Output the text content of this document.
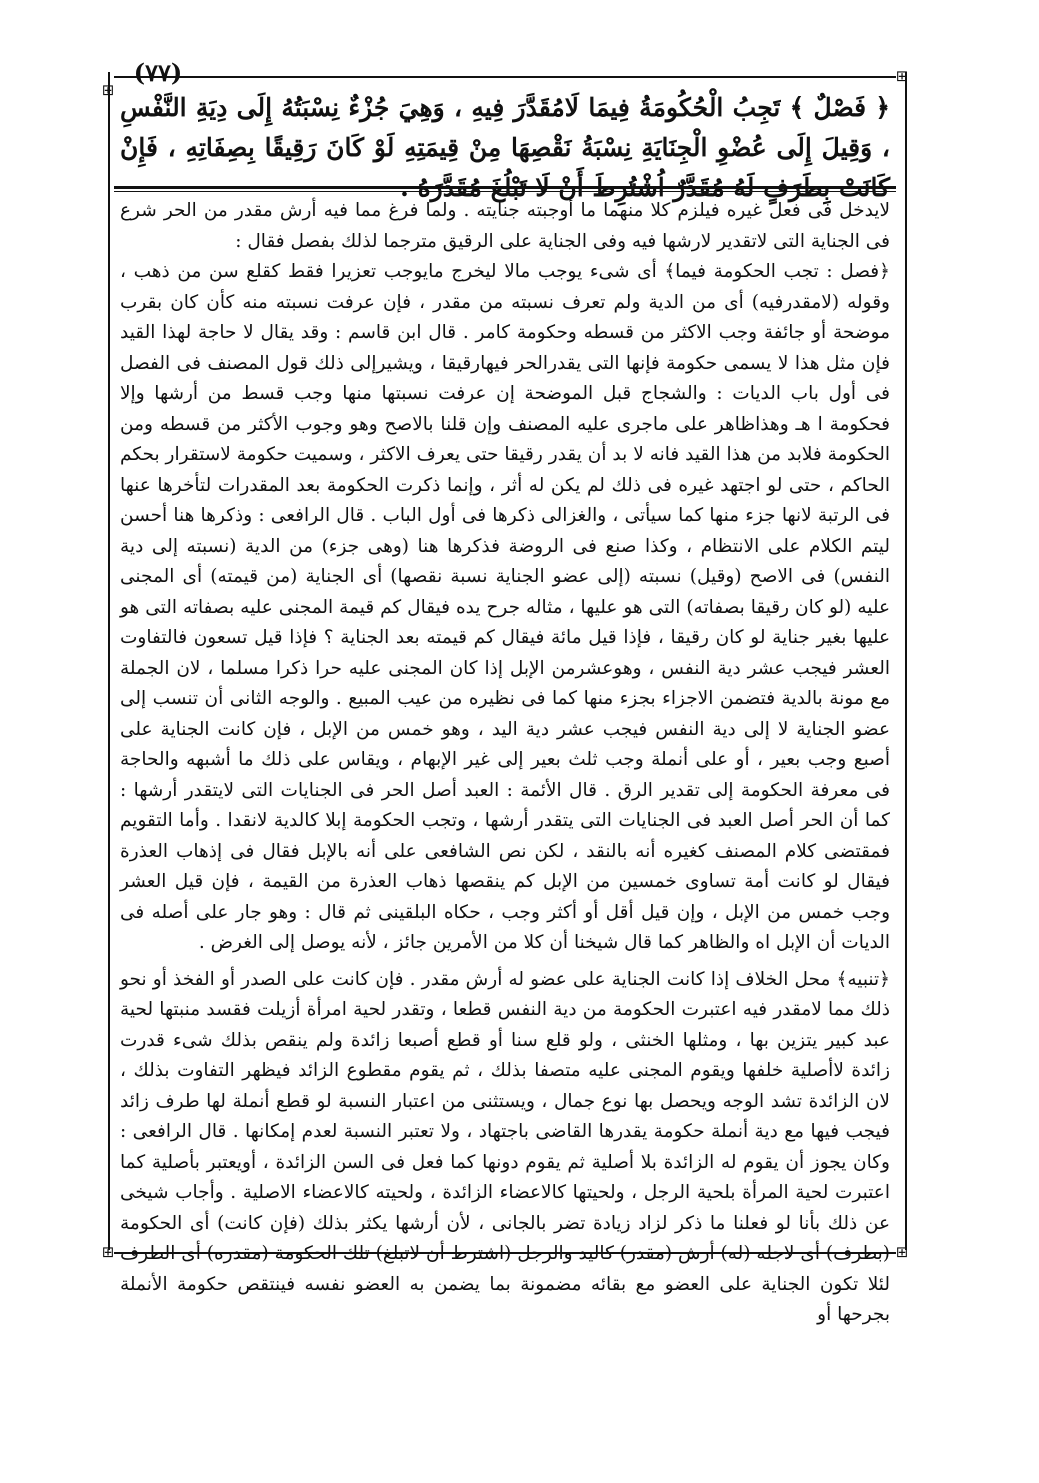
(٧٧)	⊞
⊞
⊞
⊞
﴿ فَصْلٌ ﴾ تَجِبُ الْحُكُومَةُ فِيمَا لَامُقَدَّرَ فِيهِ ، وَهِيَ جُزْءٌ نِسْبَتُهُ إِلَى دِيَةِ النَّفْسِ ، وَقِيلَ إِلَى عُضْوِ الْجِنَايَةِ نِسْبَةُ نَقْصِهَا مِنْ قِيمَتِهِ لَوْ كَانَ رَقِيقًا بِصِفَاتِهِ ، فَإِنْ كَانَتْ بِطَرَفٍ لَهُ مُقَدَّرٌ اُشْتُرِطَ أَنْ لَا تَبْلُغَ مُقَدَّرَهُ .

لايدخل فى فعل غيره فيلزم كلا منهما ما أوجبته جنايته . ولما فرغ مما فيه أرش مقدر من الحر شرع فى الجناية التى لاتقدير لارشها فيه وفى الجناية على الرقيق مترجما لذلك بفصل فقال :

﴿فصل : تجب الحكومة فيما﴾ أى شىء يوجب مالا ليخرج مايوجب تعزيرا فقط كقلع سن من ذهب ، وقوله (لامقدرفيه) أى من الدية ولم تعرف نسبته من مقدر ، فإن عرفت نسبته منه كأن كان بقرب موضحة أو جائفة وجب الاكثر من قسطه وحكومة كامر . قال ابن قاسم : وقد يقال لا حاجة لهذا القيد فإن مثل هذا لا يسمى حكومة فإنها التى يقدرالحر فيهارقيقا ، ويشيرإلى ذلك قول المصنف فى الفصل فى أول باب الديات : والشجاج قبل الموضحة إن عرفت نسبتها منها وجب قسط من أرشها وإلا فحكومة ا هـ وهذاظاهر على ماجرى عليه المصنف وإن قلنا بالاصح وهو وجوب الأكثر من قسطه ومن الحكومة فلابد من هذا القيد فانه لا بد أن يقدر رقيقا حتى يعرف الاكثر ، وسميت حكومة لاستقرار بحكم الحاكم ، حتى لو اجتهد غيره فى ذلك لم يكن له أثر ، وإنما ذكرت الحكومة بعد المقدرات لتأخرها عنها فى الرتبة لانها جزء منها كما سيأتى ، والغزالى ذكرها فى أول الباب . قال الرافعى : وذكرها هنا أحسن ليتم الكلام على الانتظام ، وكذا صنع فى الروضة فذكرها هنا (وهى جزء) من الدية (نسبته إلى دية النفس) فى الاصح (وقيل) نسبته (إلى عضو الجناية نسبة نقصها) أى الجناية (من قيمته) أى المجنى عليه (لو كان رقيقا بصفاته) التى هو عليها ، مثاله جرح يده فيقال كم قيمة المجنى عليه بصفاته التى هو عليها بغير جناية لو كان رقيقا ، فإذا قيل مائة فيقال كم قيمته بعد الجناية ؟ فإذا قيل تسعون فالتفاوت العشر فيجب عشر دية النفس ، وهوعشرمن الإبل إذا كان المجنى عليه حرا ذكرا مسلما ، لان الجملة مع مونة بالدية فتضمن الاجزاء بجزء منها كما فى نظيره من عيب المبيع . والوجه الثانى أن تنسب إلى عضو الجناية لا إلى دية النفس فيجب عشر دية اليد ، وهو خمس من الإبل ، فإن كانت الجناية على أصبع وجب بعير ، أو على أنملة وجب ثلث بعير إلى غير الإبهام ، ويقاس على ذلك ما أشبهه والحاجة فى معرفة الحكومة إلى تقدير الرق . قال الأئمة : العبد أصل الحر فى الجنايات التى لايتقدر أرشها : كما أن الحر أصل العبد فى الجنايات التى يتقدر أرشها ، وتجب الحكومة إبلا كالدية لانقدا . وأما التقويم فمقتضى كلام المصنف كغيره أنه بالنقد ، لكن نص الشافعى على أنه بالإبل فقال فى إذهاب العذرة فيقال لو كانت أمة تساوى خمسين من الإبل كم ينقصها ذهاب العذرة من القيمة ، فإن قيل العشر وجب خمس من الإبل ، وإن قيل أقل أو أكثر وجب ، حكاه البلقينى ثم قال : وهو جار على أصله فى الديات أن الإبل اه والظاهر كما قال شيخنا أن كلا من الأمرين جائز ، لأنه يوصل إلى الغرض .

﴿تنبيه﴾ محل الخلاف إذا كانت الجناية على عضو له أرش مقدر . فإن كانت على الصدر أو الفخذ أو نحو ذلك مما لامقدر فيه اعتبرت الحكومة من دية النفس قطعا ، وتقدر لحية امرأة أزيلت فقسد منبتها لحية عبد كبير يتزين بها ، ومثلها الخنثى ، ولو قلع سنا أو قطع أصبعا زائدة ولم ينقص بذلك شىء قدرت زائدة لاأصلية خلفها ويقوم المجنى عليه متصفا بذلك ، ثم يقوم مقطوع الزائد فيظهر التفاوت بذلك ، لان الزائدة تشد الوجه ويحصل بها نوع جمال ، ويستثنى من اعتبار النسبة لو قطع أنملة لها طرف زائد فيجب فيها مع دية أنملة حكومة يقدرها القاضى باجتهاد ، ولا تعتبر النسبة لعدم إمكانها . قال الرافعى : وكان يجوز أن يقوم له الزائدة بلا أصلية ثم يقوم دونها كما فعل فى السن الزائدة ، أويعتبر بأصلية كما اعتبرت لحية المرأة بلحية الرجل ، ولحيتها كالاعضاء الزائدة ، ولحيته كالاعضاء الاصلية . وأجاب شيخى عن ذلك بأنا لو فعلنا ما ذكر لزاد زيادة تضر بالجانى ، لأن أرشها يكثر بذلك (فإن كانت) أى الحكومة (بطرف) أى لاجله (له) أرش (مقدر) كاليد والرجل (اشترط أن لاتبلغ) تلك الحكومة (مقدره) أى الطرف لئلا تكون الجناية على العضو مع بقائه مضمونة بما يضمن به العضو نفسه فينتقص حكومة الأنملة بجرحها أو
